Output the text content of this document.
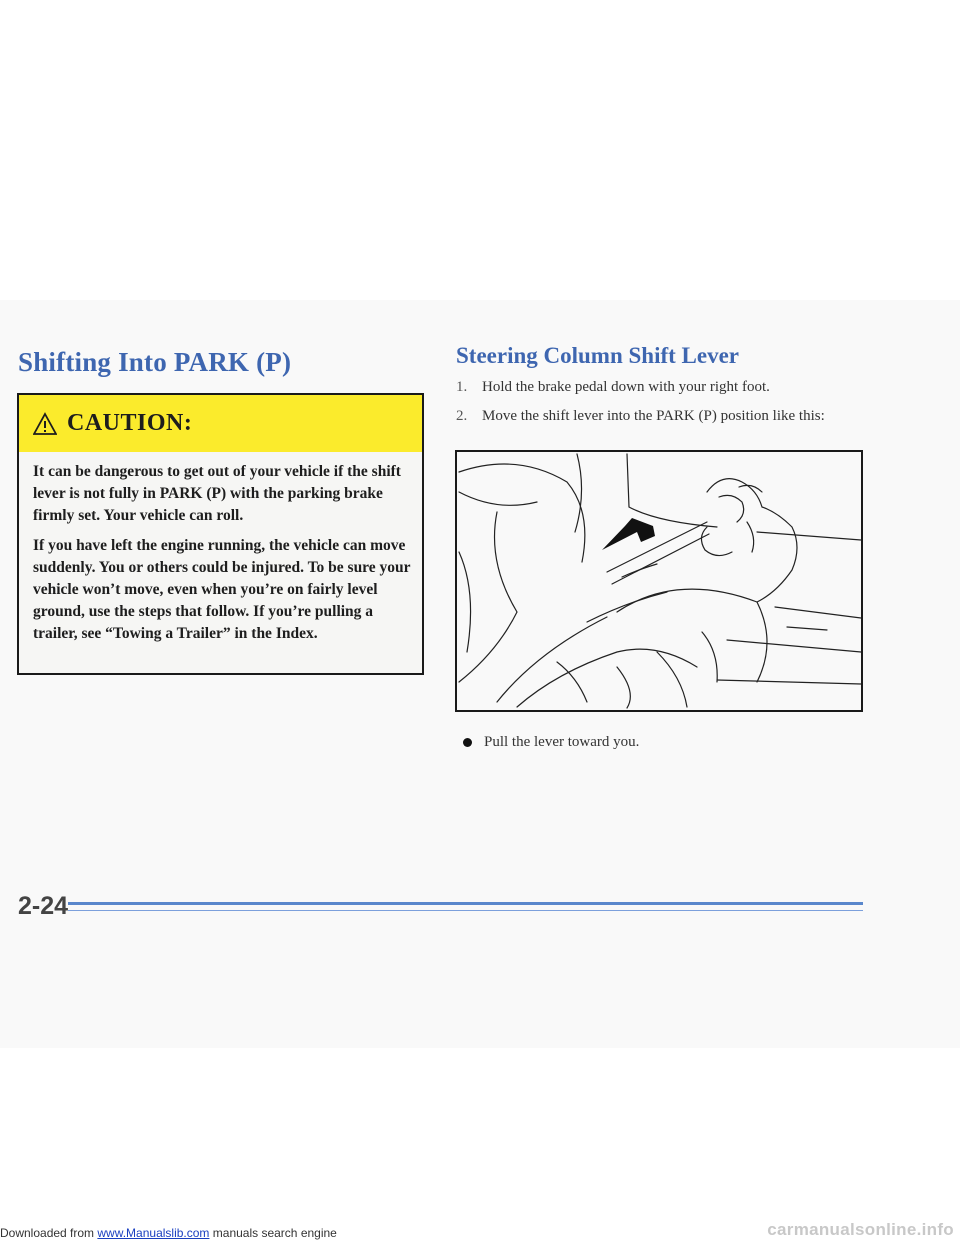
Shifting Into PARK (P)
CAUTION:

It can be dangerous to get out of your vehicle if the shift lever is not fully in PARK (P) with the parking brake firmly set. Your vehicle can roll.

If you have left the engine running, the vehicle can move suddenly. You or others could be injured. To be sure your vehicle won’t move, even when you’re on fairly level ground, use the steps that follow. If you’re pulling a trailer, see “Towing a Trailer” in the Index.

Steering Column Shift Lever
1. Hold the brake pedal down with your right foot.
2. Move the shift lever into the PARK (P) position like this:
Pull the lever toward you.
2-24
Downloaded from www.Manualslib.com manuals search engine	carmanualsonline.info
